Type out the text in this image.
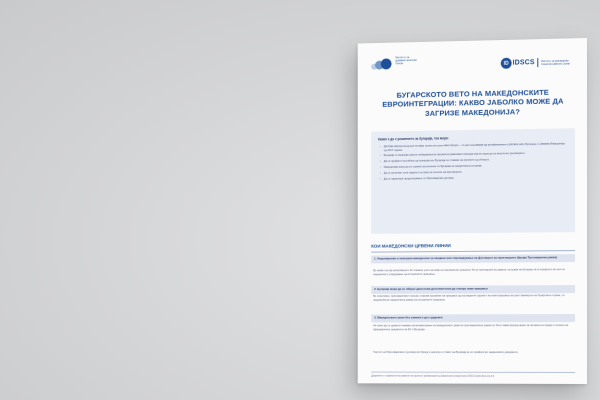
Институт за државни политики Скопје	ID IDSCS	Институт за демократија Социетас Цивилис Скопје
БУГАРСКОТО ВЕТО НА МАКЕДОНСКИТЕ ЕВРОИНТЕГРАЦИИ: КАКВО ЈАБОЛКО МОЖЕ ДА ЗАГРИЗЕ МАКЕДОНИЈА?
Какво е до е решението за бугарија, тоа мора:
• Да биде формуланирано со едно силно рестриктивно процес – со растификација од ратификуваниот договор меѓу Бугарија и Северна Македонија од 2017 година.
• Бугарија ги изразува своите побарувања во форма на рамковна позиција која ќе мора да се вклучи во преговорите.
• Да се прифати потребата од позиција кон Бугарија со ставови на експерти од областа.
• Македонија мора да се спреми за решение со Бугарија за заедничката историја.
• Да се исполнат сите задачи и услови за почеток на преговорите.
• Да се гарантира продолжување со Преговарачки договор.
КОИ МАКЕДОНСКИ ЦРВЕНИ ЛИНИИ
1. Недопирливи и неиграни македонски за сведени или спроведување на Договорот во преговорите (бројка Треговарачка рамка)
Во какво случај превговорите би станале уште на ниво на препирки во процесот би се претвориле во дијалог за права на бугарија за историјата и во кои на заедничкото утврдување на историските прашања.
2. Бугарија мора да се обврзе дека нема дополнителни да отвора нови прашања
Во спротивно, преговарачкиот процес станува заложник на прашања од последните години и на нови прашања за претставниците на бугарската страна, со недоверба во заедничката рамка на историските прашања.
3. Македонскиот јазик без измени и да е дадовен
Не смее да се дозволи никакво релативизирање на македонскиот јазик во преговарачката рамка со било какви формулации за неговата историја и потекло во официјалните документи на ЕУ и Бугарија.
Текстот на Преговарачкиот договор во Охрид е доколку и ставот на Бугарија ќе се прифати во заедничките документи.
Документот е изработен во рамките на проектот финансиран од Европската унија преку IDSCS www.idscs.org.mk
